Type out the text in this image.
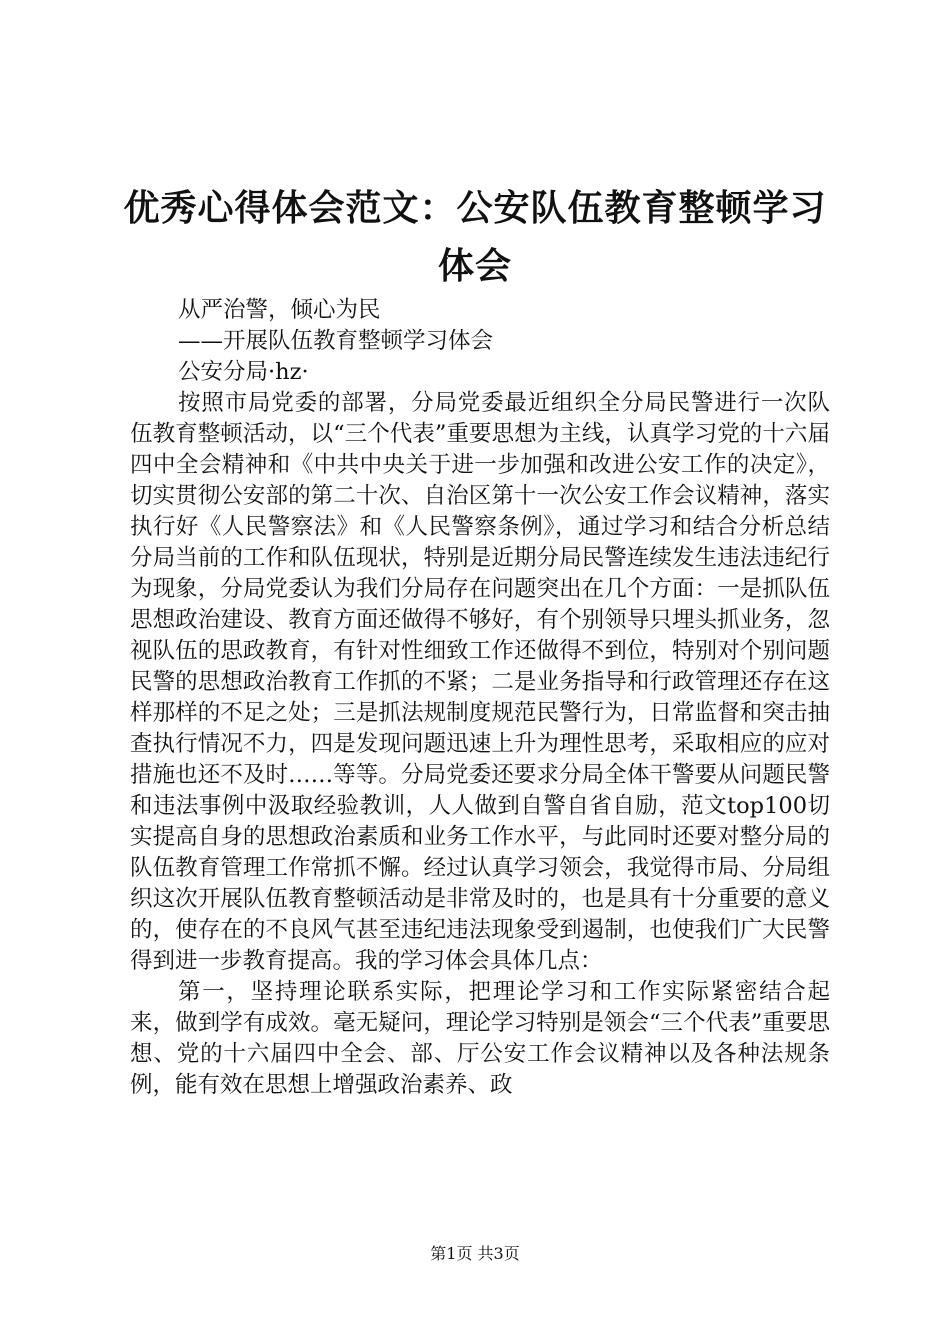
优秀心得体会范文：公安队伍教育整顿学习体会

从严治警，倾心为民

——开展队伍教育整顿学习体会

公安分局·hz·

按照市局党委的部署，分局党委最近组织全分局民警进行一次队伍教育整顿活动，以“三个代表”重要思想为主线，认真学习党的十六届四中全会精神和《中共中央关于进一步加强和改进公安工作的决定》，切实贯彻公安部的第二十次、自治区第十一次公安工作会议精神，落实执行好《人民警察法》和《人民警察条例》，通过学习和结合分析总结分局当前的工作和队伍现状，特别是近期分局民警连续发生违法违纪行为现象，分局党委认为我们分局存在问题突出在几个方面：一是抓队伍思想政治建设、教育方面还做得不够好，有个别领导只埋头抓业务，忽视队伍的思政教育，有针对性细致工作还做得不到位，特别对个别问题民警的思想政治教育工作抓的不紧；二是业务指导和行政管理还存在这样那样的不足之处；三是抓法规制度规范民警行为，日常监督和突击抽查执行情况不力，四是发现问题迅速上升为理性思考，采取相应的应对措施也还不及时……等等。分局党委还要求分局全体干警要从问题民警和违法事例中汲取经验教训，人人做到自警自省自励，范文top100切实提高自身的思想政治素质和业务工作水平，与此同时还要对整分局的队伍教育管理工作常抓不懈。经过认真学习领会，我觉得市局、分局组织这次开展队伍教育整顿活动是非常及时的，也是具有十分重要的意义的，使存在的不良风气甚至违纪违法现象受到遏制，也使我们广大民警得到进一步教育提高。我的学习体会具体几点：

第一，坚持理论联系实际，把理论学习和工作实际紧密结合起来，做到学有成效。毫无疑问，理论学习特别是领会“三个代表”重要思想、党的十六届四中全会、部、厅公安工作会议精神以及各种法规条例，能有效在思想上增强政治素养、政

第1页 共3页
